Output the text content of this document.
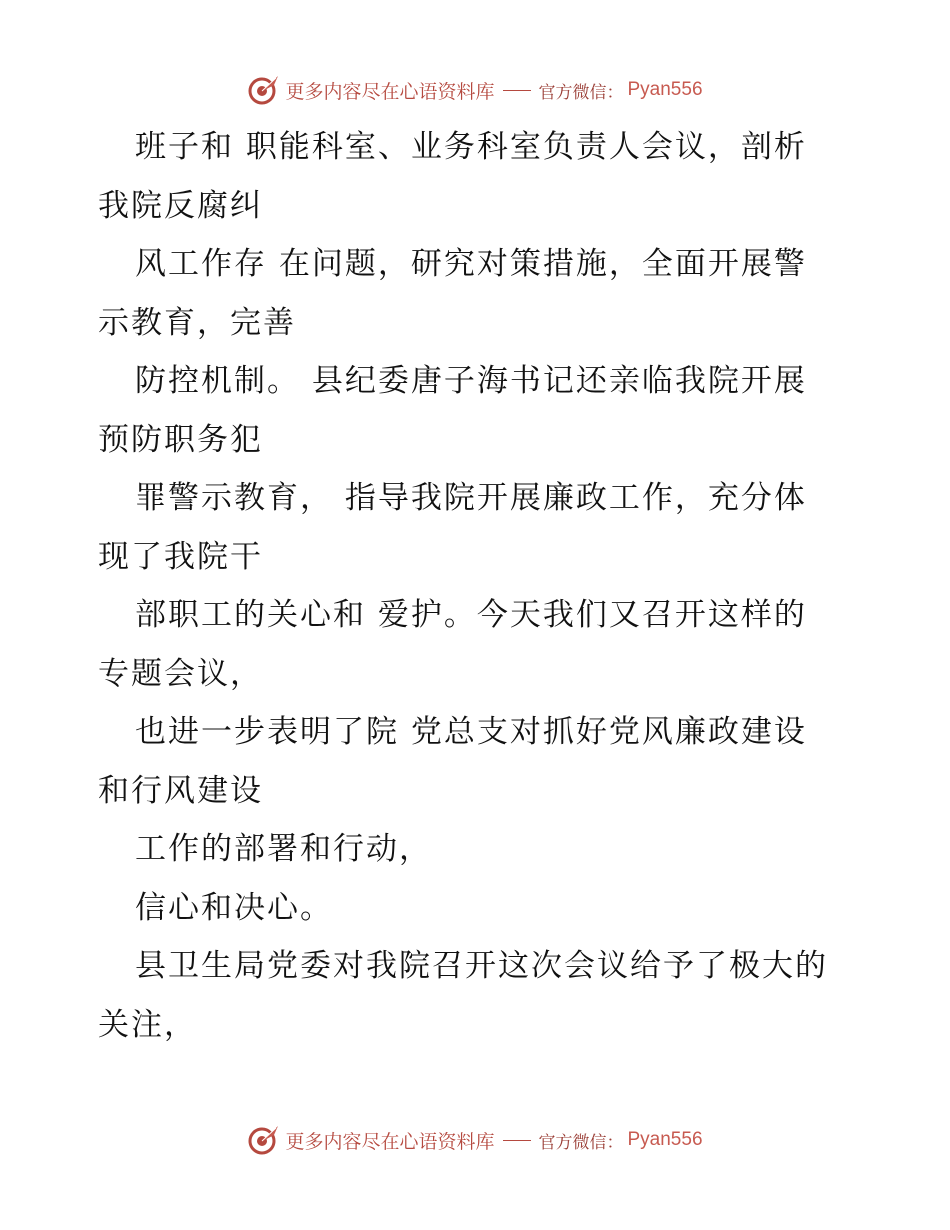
更多内容尽在心语资料库	官方微信： Pyan556
班子和 职能科室、业务科室负责人会议，剖析
我院反腐纠
风工作存 在问题，研究对策措施，全面开展警
示教育，完善
防控机制。 县纪委唐子海书记还亲临我院开展
预防职务犯
罪警示教育， 指导我院开展廉政工作，充分体
现了我院干
部职工的关心和 爱护。今天我们又召开这样的
专题会议，
也进一步表明了院 党总支对抓好党风廉政建设
和行风建设
工作的部署和行动，
信心和决心。
县卫生局党委对我院召开这次会议给予了极大的
关注，
更多内容尽在心语资料库	官方微信： Pyan556
